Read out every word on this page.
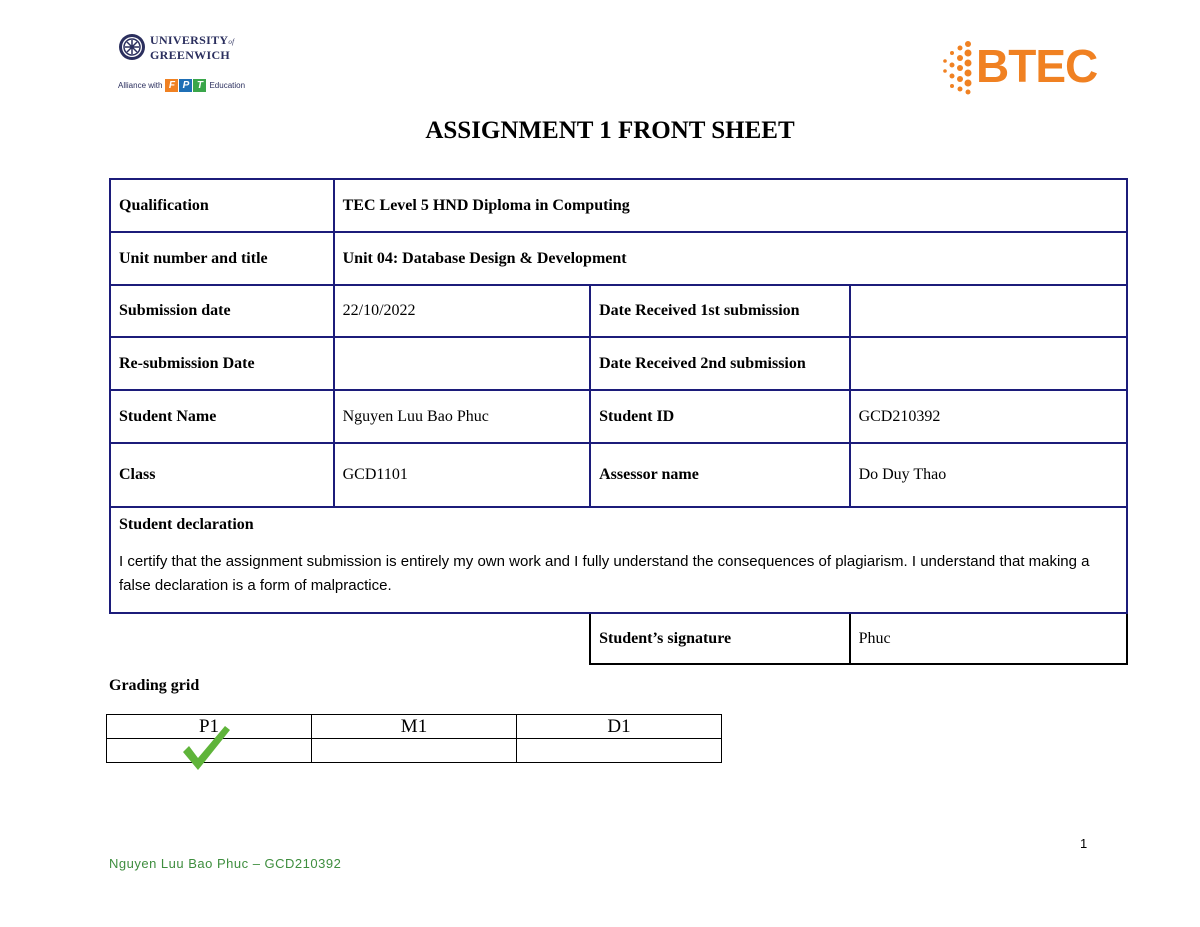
UNIVERSITYof
GREENWICH
Alliance with F P T Education	BTEC
ASSIGNMENT 1 FRONT SHEET
Qualification	TEC Level 5 HND Diploma in Computing		
Unit number and title	Unit 04: Database Design & Development		
Submission date	22/10/2022	Date Received 1st submission	
Re-submission Date		Date Received 2nd submission	
Student Name	Nguyen Luu Bao Phuc	Student ID	GCD210392
Class	GCD1101	Assessor name	Do Duy Thao

Student declaration
I certify that the assignment submission is entirely my own work and I fully understand the consequences of plagiarism. I understand that making a false declaration is a form of malpractice.			

		Student’s signature	Phuc
Grading grid
P1	M1	D1

1
Nguyen Luu Bao Phuc – GCD210392
